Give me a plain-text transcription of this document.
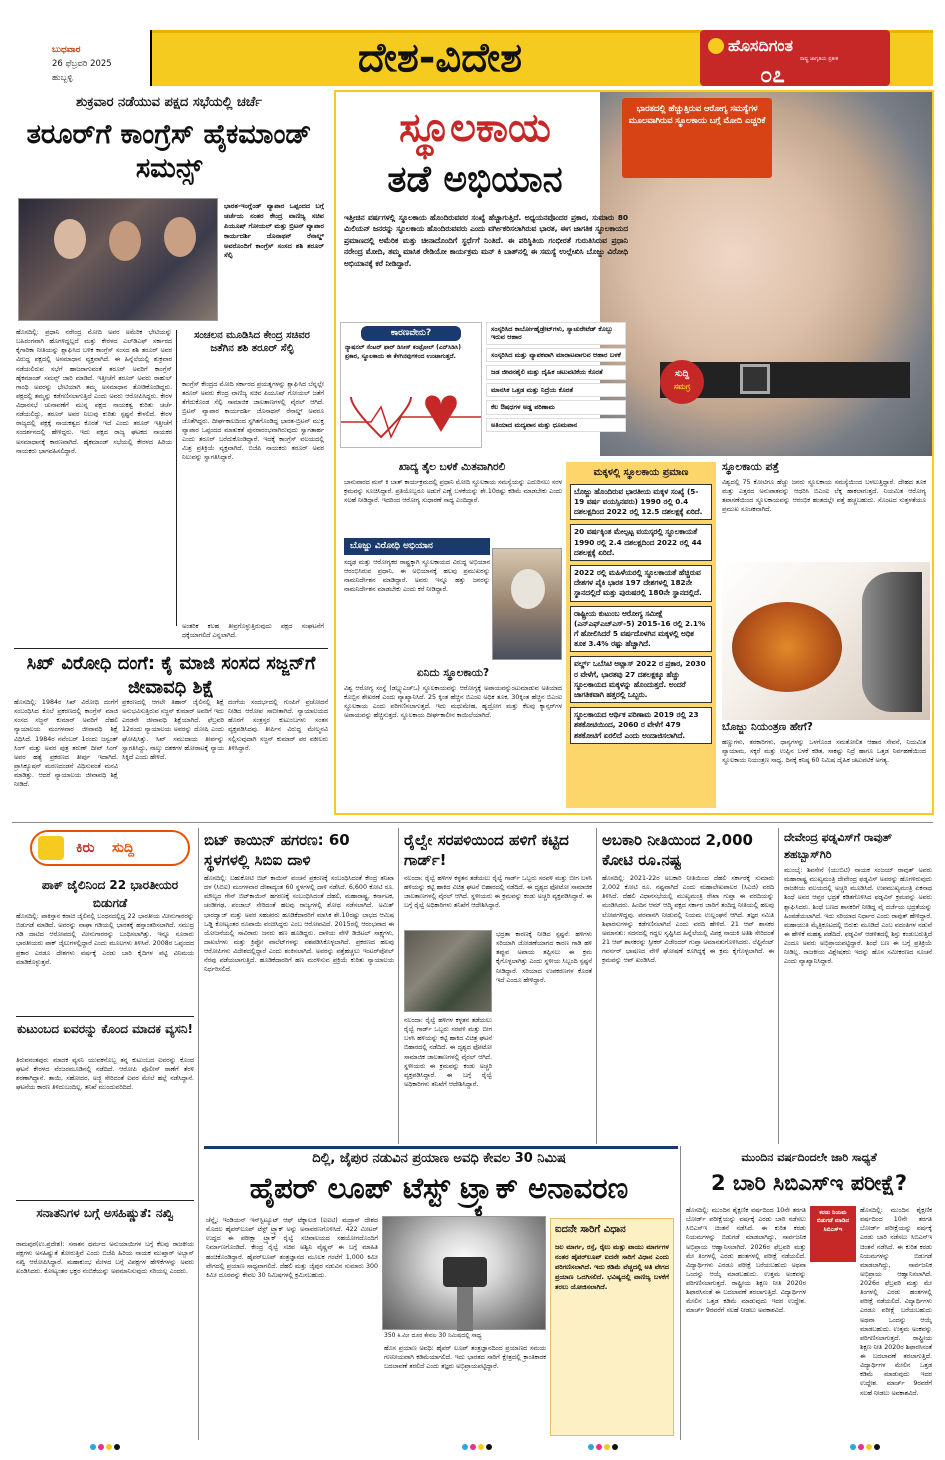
ಬುಧವಾರ
26 ಫೆಬ್ರವರಿ 2025
ಹುಬ್ಬಳ್ಳಿ	ದೇಶ-ವಿದೇಶ	ಹೊಸದಿಗಂತ
ರಾಷ್ಟ್ರ ಜಾಗೃತಿಯ ಪ್ರತೀಕ
೦೭
ಶುಕ್ರವಾರ ನಡೆಯುವ ಪಕ್ಷದ ಸಭೆಯಲ್ಲಿ ಚರ್ಚೆ
ತರೂರ್‌ಗೆ ಕಾಂಗ್ರೆಸ್ ಹೈಕಮಾಂಡ್ ಸಮನ್ಸ್
ಭಾರತ-ಇಂಗ್ಲೆಂಡ್ ವ್ಯಾಪಾರ ಒಪ್ಪಂದದ ಬಗ್ಗೆ ಚರ್ಚೆಯ ನಂತರ ಕೇಂದ್ರ ವಾಣಿಜ್ಯ ಸಚಿವ ಪಿಯೂಷ್ ಗೋಯಲ್ ಮತ್ತು ಬ್ರಿಟನ್ ವ್ಯಾಪಾರ ಕಾರ್ಯದರ್ಶಿ ಜೊನಾಥನ್ ರೆನಾಲ್ಡ್ ಅವರೊಂದಿಗೆ ಕಾಂಗ್ರೆಸ್ ಸಂಸದ ಶಶಿ ತರೂರ್ ಸೆಲ್ಫಿ
ಹೊಸದಿಲ್ಲಿ: ಪ್ರಧಾನಿ ನರೇಂದ್ರ ಮೋದಿ ಅವರ ಅಮೆರಿಕ ಭೇಟಿಯನ್ನು ಬಹಿರಂಗವಾಗಿ ಹೊಗಳಿದ್ದಲ್ಲದೆ ಮತ್ತು ಕೇರಳದ ಎಲ್‌ಡಿಎಫ್ ಸರ್ಕಾರದ ಕೈಗಾರಿಕಾ ನೀತಿಯನ್ನು ಶ್ಲಾಘಿಸಿದ ಬಳಿಕ ಕಾಂಗ್ರೆಸ್ ಸಂಸದ ಶಶಿ ತರೂರ್ ಅವರ ವಿರುದ್ಧ ಪಕ್ಷದಲ್ಲಿ ಅಸಮಾಧಾನ ವ್ಯಕ್ತವಾಗಿದೆ. ಈ ಹಿನ್ನೆಲೆಯಲ್ಲಿ ಶುಕ್ರವಾರ ನಡೆಯಲಿರುವ ಸಭೆಗೆ ಹಾಜರಾಗುವಂತೆ ತರೂರ್ ಅವರಿಗೆ ಕಾಂಗ್ರೆಸ್ ಹೈಕಮಾಂಡ್ ಸಮನ್ಸ್ ಜಾರಿ ಮಾಡಿದೆ. ಇತ್ತೀಚೆಗೆ ತರೂರ್ ಅವರು ರಾಹುಲ್ ಗಾಂಧಿ ಅವರನ್ನು ಭೇಟಿಯಾಗಿ ತಮ್ಮ ಅಸಮಾಧಾನ ತೋಡಿಕೊಂಡಿದ್ದರು. ಪಕ್ಷದಲ್ಲಿ ತಮ್ಮನ್ನು ಕಡೆಗಣಿಸಲಾಗುತ್ತಿದೆ ಎಂದು ಅವರು ಆರೋಪಿಸಿದ್ದರು. ಕೇರಳ ವಿಧಾನಸಭೆ ಚುನಾವಣೆಗೆ ಮುನ್ನ ಪಕ್ಷದ ನಾಯಕತ್ವ ಕುರಿತು ಚರ್ಚೆ ನಡೆಯಲಿದ್ದು, ತರೂರ್ ಅವರ ನಿಲುವು ಕುರಿತು ಸ್ಪಷ್ಟನೆ ಕೇಳಲಿದೆ. ಕೇರಳ ರಾಜ್ಯದಲ್ಲಿ ಪಕ್ಷಕ್ಕೆ ನಾಯಕತ್ವದ ಕೊರತೆ ಇದೆ ಎಂದು ತರೂರ್ ಇತ್ತೀಚೆಗೆ ಸಂದರ್ಶನದಲ್ಲಿ ಹೇಳಿದ್ದರು. ಇದು ಪಕ್ಷದ ರಾಜ್ಯ ಘಟಕದ ನಾಯಕರ ಅಸಮಾಧಾನಕ್ಕೆ ಕಾರಣವಾಗಿದೆ. ಹೈಕಮಾಂಡ್ ಸಭೆಯಲ್ಲಿ ಕೇರಳದ ಹಿರಿಯ ನಾಯಕರು ಭಾಗವಹಿಸಲಿದ್ದಾರೆ.
ಸಂಚಲನ ಮೂಡಿಸಿದ ಕೇಂದ್ರ ಸಚಿವರ ಜತೆಗಿನ ಶಶಿ ತರೂರ್ ಸೆಲ್ಫಿ
ಕಾಂಗ್ರೆಸ್ ಕೇಂದ್ರದ ಮೋದಿ ಸರ್ಕಾರದ ಪ್ರಯತ್ನಗಳನ್ನು ಶ್ಲಾಘಿಸಿದ ಬೆನ್ನಲ್ಲೇ ತರೂರ್ ಅವರು ಕೇಂದ್ರ ವಾಣಿಜ್ಯ ಸಚಿವ ಪಿಯೂಷ್ ಗೋಯಲ್ ಜತೆಗೆ ತೆಗೆದುಕೊಂಡ ಸೆಲ್ಫಿ ಸಾಮಾಜಿಕ ಜಾಲತಾಣಗಳಲ್ಲಿ ವೈರಲ್ ಆಗಿದೆ. ಬ್ರಿಟನ್ ವ್ಯಾಪಾರ ಕಾರ್ಯದರ್ಶಿ ಜೊನಾಥನ್ ರೆನಾಲ್ಡ್ ಅವರೂ ಜೊತೆಗಿದ್ದರು. ದೀರ್ಘಕಾಲದಿಂದ ಸ್ಥಗಿತಗೊಂಡಿದ್ದ ಭಾರತ-ಬ್ರಿಟನ್ ಮುಕ್ತ ವ್ಯಾಪಾರ ಒಪ್ಪಂದದ ಮಾತುಕತೆ ಪುನರಾರಂಭವಾಗಿರುವುದು ಸ್ವಾಗತಾರ್ಹ ಎಂದು ತರೂರ್ ಬರೆದುಕೊಂಡಿದ್ದಾರೆ. ಇದಕ್ಕೆ ಕಾಂಗ್ರೆಸ್ ವಲಯದಲ್ಲಿ ಮಿಶ್ರ ಪ್ರತಿಕ್ರಿಯೆ ವ್ಯಕ್ತವಾಗಿದೆ. ಬಿಜೆಪಿ ನಾಯಕರು ತರೂರ್ ಅವರ ನಿಲುವನ್ನು ಸ್ವಾಗತಿಸಿದ್ದಾರೆ.
ಅಂತರಿಕ ಕಲಹ ತೀವ್ರಗೊಳ್ಳುತ್ತಿರುವುದು ಪಕ್ಷದ ಸಂಘಟನೆಗೆ ಧಕ್ಕೆಯಾಗಲಿದೆ ಎನ್ನಲಾಗಿದೆ.
ಸಿಖ್ ವಿರೋಧಿ ದಂಗೆ: ಕೈ ಮಾಜಿ ಸಂಸದ ಸಜ್ಜನ್‌ಗೆ ಜೀವಾವಧಿ ಶಿಕ್ಷೆ
ಹೊಸದಿಲ್ಲಿ: 1984ರ ಸಿಖ್ ವಿರೋಧಿ ದಂಗೆಗೆ ಸಂಬಂಧಿಸಿದ ಕೊಲೆ ಪ್ರಕರಣದಲ್ಲಿ ಕಾಂಗ್ರೆಸ್ ಮಾಜಿ ಸಂಸದ ಸಜ್ಜನ್ ಕುಮಾರ್ ಅವರಿಗೆ ದೆಹಲಿ ನ್ಯಾಯಾಲಯ ಮಂಗಳವಾರ ಜೀವಾವಧಿ ಶಿಕ್ಷೆ ವಿಧಿಸಿದೆ. 1984ರ ನವೆಂಬರ್ 1ರಂದು ಜಸ್ವಂತ್ ಸಿಂಗ್ ಮತ್ತು ಅವರ ಪುತ್ರ ತರುಣ್ ದೀಪ್ ಸಿಂಗ್ ಅವರ ಹತ್ಯೆ ಪ್ರಕರಣದ ತೀರ್ಪು ಇದಾಗಿದೆ. ಪ್ರಾಸಿಕ್ಯೂಷನ್ ಮರಣದಂಡನೆ ವಿಧಿಸುವಂತೆ ಮನವಿ ಮಾಡಿತ್ತು. ಆದರೆ ನ್ಯಾಯಾಲಯ ಜೀವಾವಧಿ ಶಿಕ್ಷೆ ನೀಡಿದೆ.
ಪ್ರಕರಣದಲ್ಲಿ ಆಗಲೇ ತಿಹಾರ್ ಜೈಲಿನಲ್ಲಿ ಶಿಕ್ಷೆ ಅನುಭವಿಸುತ್ತಿರುವ ಸಜ್ಜನ್ ಕುಮಾರ್ ಅವರಿಗೆ ಇದು ಎರಡನೇ ಜೀವಾವಧಿ ಶಿಕ್ಷೆಯಾಗಿದೆ. ಫೆಬ್ರವರಿ 12ರಂದು ನ್ಯಾಯಾಲಯ ಅವರನ್ನು ದೋಷಿ ಎಂದು ಘೋಷಿಸಿತ್ತು. ಸಿಖ್ ಸಮುದಾಯ ತೀರ್ಪನ್ನು ಸ್ವಾಗತಿಸಿದ್ದು, ನಾಲ್ಕು ದಶಕಗಳ ಹೋರಾಟಕ್ಕೆ ನ್ಯಾಯ ಸಿಕ್ಕಿದೆ ಎಂದು ಹೇಳಿದೆ.
ದಂಗೆಯ ಸಂದರ್ಭದಲ್ಲಿ ಗುಂಪಿಗೆ ಪ್ರಚೋದನೆ ನೀಡಿದ ಆರೋಪ ಸಾಬೀತಾಗಿದೆ. ನ್ಯಾಯಾಲಯದ ಹೊರಗೆ ಸಂತ್ರಸ್ತರ ಕುಟುಂಬಗಳು ಸಂತಸ ವ್ಯಕ್ತಪಡಿಸಿದವು. ತೀರ್ಪಿನ ವಿರುದ್ಧ ಮೇಲ್ಮನವಿ ಸಲ್ಲಿಸುವುದಾಗಿ ಸಜ್ಜನ್ ಕುಮಾರ್ ಪರ ವಕೀಲರು ತಿಳಿಸಿದ್ದಾರೆ.
ಸ್ಥೂಲಕಾಯ
ತಡೆ ಅಭಿಯಾನ
ಭಾರತದಲ್ಲಿ ಹೆಚ್ಚುತ್ತಿರುವ ಆರೋಗ್ಯ ಸಮಸ್ಯೆಗಳ ಮೂಲವಾಗಿರುವ ಸ್ಥೂಲಕಾಯ ಬಗ್ಗೆ ಮೋದಿ ಎಚ್ಚರಿಕೆ
ಇತ್ತೀಚಿನ ವರ್ಷಗಳಲ್ಲಿ ಸ್ಥೂಲಕಾಯ ಹೊಂದಿರುವವರ ಸಂಖ್ಯೆ ಹೆಚ್ಚಾಗುತ್ತಿದೆ. ಅಧ್ಯಯನವೊಂದರ ಪ್ರಕಾರ, ಸುಮಾರು 80 ಮಿಲಿಯನ್ ಜನರನ್ನು ಸ್ಥೂಲಕಾಯ ಹೊಂದಿರುವವರು ಎಂದು ವರ್ಗೀಕರಿಸಲಾಗಿರುವ ಭಾರತ, ಈಗ ಜಾಗತಿಕ ಸ್ಥೂಲಕಾಯದ ಪ್ರಮಾಣದಲ್ಲಿ ಅಮೆರಿಕ ಮತ್ತು ಚೀನಾದೊಂದಿಗೆ ಸ್ಥರ್ಧೆಗೆ ನಿಂತಿದೆ. ಈ ಪರಿಸ್ಥಿತಿಯ ಗಂಭೀರತೆ ಗುರುತಿಸಿರುವ ಪ್ರಧಾನಿ ನರೇಂದ್ರ ಮೋದಿ, ತಮ್ಮ ಮಾಸಿಕ ರೇಡಿಯೋ ಕಾರ್ಯಕ್ರಮ ಮನ್ ಕಿ ಬಾತ್‌ನಲ್ಲಿ ಈ ಸಮಸ್ಯೆ ಉಲ್ಲೇಖಿಸಿ ಬೊಜ್ಜು ವಿರೋಧಿ ಅಭಿಯಾನಕ್ಕೆ ಕರೆ ನೀಡಿದ್ದಾರೆ.
ಕಾರಣವೇನು?
ನ್ಯಾಷನಲ್ ಸೆಂಟರ್ ಫಾರ್ ಡಿಸೀಸ್ ಕಂಟ್ರೋಲ್ (ಎನ್‌ಸಿಡಿಸಿ) ಪ್ರಕಾರ, ಸ್ಥೂಲಕಾಯ ಈ ಕೆಳಗಿನವುಗಳಿಂದ ಉಂಟಾಗುತ್ತದೆ.
ಸಂಸ್ಕರಿಸಿದ ಕಾರ್ಬೋಹೈಡ್ರೇಟ್‌ಗಳು, ಸ್ಯಾಚುರೇಟೆಡ್ ಕೊಬ್ಬು ಇರುವ ಆಹಾರ
ಸಂಸ್ಕರಿಸಿದ ಮತ್ತು ವ್ಯಾಪಕವಾಗಿ ಮಾರಾಟವಾಗುವ ಆಹಾರ ಬಳಕೆ
ಜಡ ಜೀವನಶೈಲಿ ಮತ್ತು ದೈಹಿಕ ಚಟುವಟಿಕೆಯ ಕೊರತೆ
ಮಾನಸಿಕ ಒತ್ತಡ ಮತ್ತು ನಿದ್ರೆಯ ಕೊರತೆ
ಕೆಲ ಔಷಧಗಳ ಅಡ್ಡ ಪರಿಣಾಮ
ಅತಿಯಾದ ಮದ್ಯಪಾನ ಮತ್ತು ಧೂಮಪಾನ
ಸುದ್ದಿ
ಸಮಗ್ರ
ಖಾದ್ಯ ತೈಲ ಬಳಕೆ ಮಿತವಾಗಿರಲಿ
ಬಾನುವಾರದ ಮನ್ ಕಿ ಬಾತ್ ಕಾರ್ಯಕ್ರಮದಲ್ಲಿ ಪ್ರಧಾನಿ ಮೋದಿ ಸ್ಥೂಲಕಾಯ ಸಮಸ್ಯೆಯನ್ನು ಎದುರಿಸಲು ಸರಳ ಕ್ರಮವನ್ನು ಸೂಚಿಸಿದ್ದಾರೆ. ಪ್ರತಿಯೊಬ್ಬರೂ ಅಡುಗೆ ಎಣ್ಣೆ ಬಳಕೆಯನ್ನು ಶೇ.10ರಷ್ಟು ಕಡಿಮೆ ಮಾಡಬೇಕು ಎಂದು ಸಲಹೆ ನೀಡಿದ್ದಾರೆ. ಇದರಿಂದ ಆರೋಗ್ಯ ಸುಧಾರಣೆ ಸಾಧ್ಯ ಎಂದಿದ್ದಾರೆ.
ಬೊಜ್ಜು ವಿರೋಧಿ ಅಭಿಯಾನ
ಸದೃಢ ಮತ್ತು ಆರೋಗ್ಯಕರ ರಾಷ್ಟ್ರಕ್ಕಾಗಿ ಸ್ಥೂಲಕಾಯದ ವಿರುದ್ಧ ಅಭಿಯಾನ ಆರಂಭಿಸಿರುವ ಪ್ರಧಾನಿ, ಈ ಅಭಿಯಾನಕ್ಕೆ ಹಲವು ಪ್ರಮುಖರನ್ನು ನಾಮನಿರ್ದೇಶನ ಮಾಡಿದ್ದಾರೆ. ಅವರು ಇನ್ನೂ ಹತ್ತು ಜನರನ್ನು ನಾಮನಿರ್ದೇಶನ ಮಾಡಬೇಕು ಎಂದು ಕರೆ ನೀಡಿದ್ದಾರೆ.
ಏನಿದು ಸ್ಥೂಲಕಾಯ?
ವಿಶ್ವ ಆರೋಗ್ಯ ಸಂಸ್ಥೆ (ಡಬ್ಲ್ಯುಎಚ್‌ಒ) ಸ್ಥೂಲಕಾಯವನ್ನು ಆರೋಗ್ಯಕ್ಕೆ ಅಪಾಯವನ್ನುಂಟುಮಾಡುವ ಅತಿಯಾದ ಕೊಬ್ಬಿನ ಶೇಖರಣೆ ಎಂದು ವ್ಯಾಖ್ಯಾನಿಸಿದೆ. 25 ಕ್ಕಿಂತ ಹೆಚ್ಚಿನ ಬಿಎಂಐ ಅಧಿಕ ತೂಕ, 30ಕ್ಕಿಂತ ಹೆಚ್ಚಿನ ಬಿಎಂಐ ಸ್ಥೂಲಕಾಯ ಎಂದು ಪರಿಗಣಿಸಲಾಗುತ್ತದೆ. ಇದು ಮಧುಮೇಹ, ಹೃದ್ರೋಗ ಮತ್ತು ಕೆಲವು ಕ್ಯಾನ್ಸರ್‌ಗಳ ಅಪಾಯವನ್ನು ಹೆಚ್ಚಿಸುತ್ತದೆ. ಸ್ಥೂಲಕಾಯ ದೀರ್ಘಕಾಲೀನ ಕಾಯಿಲೆಯಾಗಿದೆ.
ಮಕ್ಕಳಲ್ಲಿ ಸ್ಥೂಲಕಾಯ ಪ್ರಮಾಣ
ಬೊಜ್ಜು ಹೊಂದಿರುವ ಭಾರತೀಯ ಮಕ್ಕಳ ಸಂಖ್ಯೆ (5-19 ವರ್ಷ ವಯಸ್ಸಿನವರು) 1990 ರಲ್ಲಿ 0.4 ದಶಲಕ್ಷದಿಂದ 2022 ರಲ್ಲಿ 12.5 ದಶಲಕ್ಷಕ್ಕೆ ಏರಿದೆ.
20 ವರ್ಷಕ್ಕಿಂತ ಮೇಲ್ಪಟ್ಟ ವಯಸ್ಕರಲ್ಲಿ ಸ್ಥೂಲಕಾಯತೆ 1990 ರಲ್ಲಿ 2.4 ದಶಲಕ್ಷದಿಂದ 2022 ರಲ್ಲಿ 44 ದಶಲಕ್ಷಕ್ಕೆ ಏರಿದೆ.
2022 ರಲ್ಲಿ ಮಹಿಳೆಯರಲ್ಲಿ ಸ್ಥೂಲಕಾಯತೆ ಹೆಚ್ಚಿರುವ ದೇಶಗಳ ಪೈಕಿ ಭಾರತ 197 ದೇಶಗಳಲ್ಲಿ 182ನೇ ಸ್ಥಾನದಲ್ಲಿದೆ ಮತ್ತು ಪುರುಷರಲ್ಲಿ 180ನೇ ಸ್ಥಾನದಲ್ಲಿದೆ.
ರಾಷ್ಟ್ರೀಯ ಕುಟುಂಬ ಆರೋಗ್ಯ ಸಮೀಕ್ಷೆ (ಎನ್‌ಎಫ್‌ಎಚ್‌ಎಸ್-5) 2015-16 ರಲ್ಲಿ 2.1% ಗೆ ಹೋಲಿಸಿದರೆ 5 ವರ್ಷದೊಳಗಿನ ಮಕ್ಕಳಲ್ಲಿ ಅಧಿಕ ತೂಕ 3.4% ರಷ್ಟು ಹೆಚ್ಚಾಗಿದೆ.
ವರ್ಲ್ಡ್ ಒಬೆಸಿಟಿ ಅಟ್ಲಾಸ್ 2022 ರ ಪ್ರಕಾರ, 2030 ರ ವೇಳೆಗೆ, ಭಾರತವು 27 ದಶಲಕ್ಷಕ್ಕೂ ಹೆಚ್ಚು ಸ್ಥೂಲಕಾಯದ ಮಕ್ಕಳನ್ನು ಹೊಂದುತ್ತದೆ. ಅಂದರೆ ಜಾಗತಿಕವಾಗಿ ಹತ್ತರಲ್ಲಿ ಒಬ್ಬರು.
ಸ್ಥೂಲಕಾಯದ ಆರ್ಥಿಕ ಪರಿಣಾಮ 2019 ರಲ್ಲಿ 23 ಶತಕೋಟಿಯಿಂದ, 2060 ರ ವೇಳೆಗೆ 479 ಶತಕೋಟಿಗೆ ಏರಲಿದೆ ಎಂದು ಅಂದಾಜಿಸಲಾಗಿದೆ.
ಸ್ಥೂಲಕಾಯ ಪತ್ತೆ
ವಿಶ್ವದಲ್ಲಿ 75 ಕೋಟಿಗೂ ಹೆಚ್ಚು ಜನರು ಸ್ಥೂಲಕಾಯ ಸಮಸ್ಯೆಯಿಂದ ಬಳಲುತ್ತಿದ್ದಾರೆ. ದೇಹದ ತೂಕ ಮತ್ತು ಎತ್ತರದ ಅನುಪಾತವನ್ನು ಆಧರಿಸಿ ಬಿಎಂಐ ಲೆಕ್ಕ ಹಾಕಲಾಗುತ್ತದೆ. ನಿಯಮಿತ ಆರೋಗ್ಯ ತಪಾಸಣೆಯಿಂದ ಸ್ಥೂಲಕಾಯವನ್ನು ಆರಂಭಿಕ ಹಂತದಲ್ಲೇ ಪತ್ತೆ ಹಚ್ಚಬಹುದು. ಸೊಂಟದ ಸುತ್ತಳತೆಯೂ ಪ್ರಮುಖ ಸೂಚಕವಾಗಿದೆ.
ಬೊಜ್ಜು ನಿಯಂತ್ರಣ ಹೇಗೆ?
ಹಣ್ಣುಗಳು, ತರಕಾರಿಗಳು, ಧಾನ್ಯಗಳನ್ನು ಒಳಗೊಂಡ ಸಮತೋಲಿತ ಆಹಾರ ಸೇವನೆ, ನಿಯಮಿತ ವ್ಯಾಯಾಮ, ಸಕ್ಕರೆ ಮತ್ತು ಉಪ್ಪಿನ ಬಳಕೆ ಕಡಿತ, ಸಾಕಷ್ಟು ನಿದ್ರೆ ಹಾಗೂ ಒತ್ತಡ ನಿರ್ವಹಣೆಯಿಂದ ಸ್ಥೂಲಕಾಯ ನಿಯಂತ್ರಣ ಸಾಧ್ಯ. ದಿನಕ್ಕೆ ಕನಿಷ್ಠ 60 ನಿಮಿಷ ದೈಹಿಕ ಚಟುವಟಿಕೆ ಅಗತ್ಯ.
ಕಿರು ಸುದ್ದಿ
ಪಾಕ್ ಜೈಲಿನಿಂದ 22 ಭಾರತೀಯರ ಬಿಡುಗಡೆ
ಹೊಸದಿಲ್ಲಿ: ಪಾಕಿಸ್ತಾನ ಕರಾಚಿ ಜೈಲಿನಲ್ಲಿ ಬಂಧನದಲ್ಲಿದ್ದ 22 ಭಾರತೀಯ ಮೀನುಗಾರರನ್ನು ಬಿಡುಗಡೆ ಮಾಡಿದೆ. ಅವರನ್ನು ವಾಘಾ ಗಡಿಯಲ್ಲಿ ಭಾರತಕ್ಕೆ ಹಸ್ತಾಂತರಿಸಲಾಗಿದೆ. ಸಮುದ್ರ ಗಡಿ ದಾಟಿದ ಆರೋಪದಲ್ಲಿ ಮೀನುಗಾರರನ್ನು ಬಂಧಿಸಲಾಗಿತ್ತು. ಇನ್ನೂ ನೂರಾರು ಭಾರತೀಯರು ಪಾಕ್ ಜೈಲುಗಳಲ್ಲಿದ್ದಾರೆ ಎಂದು ಮೂಲಗಳು ತಿಳಿಸಿವೆ. 2008ರ ಒಪ್ಪಂದದ ಪ್ರಕಾರ ಎರಡೂ ದೇಶಗಳು ವರ್ಷಕ್ಕೆ ಎರಡು ಬಾರಿ ಕೈದಿಗಳ ಪಟ್ಟಿ ವಿನಿಮಯ ಮಾಡಿಕೊಳ್ಳುತ್ತವೆ.
ಕುಟುಂಬದ ಐವರನ್ನು ಕೊಂದ ಮಾದಕ ವ್ಯಸನಿ!
ತಿರುವನಂತಪುರ: ಮಾದಕ ವ್ಯಸನಿ ಯುವಕನೊಬ್ಬ ತನ್ನ ಕುಟುಂಬದ ಐವರನ್ನು ಕೊಂದ ಘಟನೆ ಕೇರಳದ ವೆಂಜರಮೂಡಿನಲ್ಲಿ ನಡೆದಿದೆ. ಆರೋಪಿ ಪೊಲೀಸ್ ಠಾಣೆಗೆ ತೆರಳಿ ಶರಣಾಗಿದ್ದಾನೆ. ತಾಯಿ, ಸಹೋದರ, ಅಜ್ಜಿ ಸೇರಿದಂತೆ ಐವರ ಮೇಲೆ ಹಲ್ಲೆ ನಡೆಸಿದ್ದಾನೆ. ಘಟನೆಯ ಕಾರಣ ತಿಳಿದುಬಂದಿಲ್ಲ. ತನಿಖೆ ಮುಂದುವರಿದಿದೆ.
ಸನಾತನಿಗಳ ಬಗ್ಗೆ ಅಸಹಿಷ್ಣುತೆ: ನಖ್ವಿ
ರಾಮಪುರ(ಉ.ಪ್ರದೇಶ): ಸನಾತನ ಧರ್ಮದ ಅನುಯಾಯಿಗಳ ಬಗ್ಗೆ ಕೆಲವು ರಾಜಕೀಯ ಪಕ್ಷಗಳು ಅಸಹಿಷ್ಣುತೆ ತೋರುತ್ತಿವೆ ಎಂದು ಬಿಜೆಪಿ ಹಿರಿಯ ನಾಯಕ ಮುಖ್ತಾರ್ ಅಬ್ಬಾಸ್ ನಖ್ವಿ ಆರೋಪಿಸಿದ್ದಾರೆ. ಮಹಾಕುಂಭ ಮೇಳದ ಬಗ್ಗೆ ವಿಪಕ್ಷಗಳ ಹೇಳಿಕೆಗಳನ್ನು ಅವರು ಖಂಡಿಸಿದರು. ಕೋಟ್ಯಂತರ ಭಕ್ತರ ನಂಬಿಕೆಯನ್ನು ಅವಮಾನಿಸುವುದು ಸರಿಯಲ್ಲ ಎಂದರು.
ಬಿಟ್ ಕಾಯಿನ್ ಹಗರಣ: 60 ಸ್ಥಳಗಳಲ್ಲಿ ಸಿಬಿಐ ದಾಳಿ
ಹೊಸದಿಲ್ಲಿ: ಬಹುಕೋಟಿ ಬಿಟ್ ಕಾಯಿನ್ ವಂಚನೆ ಪ್ರಕರಣಕ್ಕೆ ಸಂಬಂಧಿಸಿದಂತೆ ಕೇಂದ್ರ ತನಿಖಾ ದಳ (ಸಿಬಿಐ) ಮಂಗಳವಾರ ದೇಶಾದ್ಯಂತ 60 ಸ್ಥಳಗಳಲ್ಲಿ ದಾಳಿ ನಡೆಸಿದೆ. 6,600 ಕೋಟಿ ರೂ. ಮೌಲ್ಯದ ಗೇನ್ ಬಿಟ್‌ಕಾಯಿನ್ ಹಗರಣಕ್ಕೆ ಸಂಬಂಧಿಸಿದಂತೆ ದೆಹಲಿ, ಮಹಾರಾಷ್ಟ್ರ, ಕರ್ನಾಟಕ, ಚಂಡೀಗಢ, ಪಂಜಾಬ್ ಸೇರಿದಂತೆ ಹಲವು ರಾಜ್ಯಗಳಲ್ಲಿ ಶೋಧ ನಡೆಸಲಾಗಿದೆ. ಅಮಿತ್ ಭಾರದ್ವಾಜ್ ಮತ್ತು ಅವರ ಸಹಚರರು ಹೂಡಿಕೆದಾರರಿಗೆ ಮಾಸಿಕ ಶೇ.10ರಷ್ಟು ಲಾಭದ ಆಮಿಷ ಒಡ್ಡಿ ಕೋಟ್ಯಂತರ ರೂಪಾಯಿ ವಂಚಿಸಿದ್ದರು ಎಂಬ ಆರೋಪವಿದೆ. 2015ರಲ್ಲಿ ಆರಂಭವಾದ ಈ ಯೋಜನೆಯಲ್ಲಿ ಸಾವಿರಾರು ಜನರು ಹಣ ಹೂಡಿದ್ದರು. ದಾಳಿಯ ವೇಳೆ ಡಿಜಿಟಲ್ ಸಾಕ್ಷ್ಯಗಳು, ದಾಖಲೆಗಳು ಮತ್ತು ಕ್ರಿಪ್ಟೋ ವಾಲೆಟ್‌ಗಳನ್ನು ವಶಪಡಿಸಿಕೊಳ್ಳಲಾಗಿದೆ. ಪ್ರಕರಣದ ಹಲವು ಆರೋಪಿಗಳು ವಿದೇಶದಲ್ಲಿದ್ದಾರೆ ಎಂದು ಶಂಕಿಸಲಾಗಿದೆ. ಅವರನ್ನು ಪತ್ತೆಹಚ್ಚಲು ಇಂಟರ್‌ಪೋಲ್ ನೆರವು ಪಡೆಯಲಾಗುತ್ತಿದೆ. ಹೂಡಿಕೆದಾರರಿಗೆ ಹಣ ಮರಳಿಸುವ ಪ್ರಕ್ರಿಯೆ ಕುರಿತು ನ್ಯಾಯಾಲಯ ನಿರ್ಧರಿಸಲಿದೆ.
ರೈಲ್ವೇ ಸರಪಳಿಯಿಂದ ಹಳಿಗೆ ಕಟ್ಟಿದ ಗಾರ್ಡ್!
ನಲಂದಾ: ರೈಲ್ವೆ ಹಳಿಗಳ ಕಳ್ಳತನ ತಡೆಯಲು ರೈಲ್ವೆ ಗಾರ್ಡ್ ಒಬ್ಬರು ಸರಪಳಿ ಮತ್ತು ಬೀಗ ಬಳಸಿ ಹಳಿಯನ್ನು ಕಟ್ಟಿ ಹಾಕಿದ ವಿಚಿತ್ರ ಘಟನೆ ಬಿಹಾರದಲ್ಲಿ ನಡೆದಿದೆ. ಈ ದೃಶ್ಯದ ಫೋಟೋ ಸಾಮಾಜಿಕ ಜಾಲತಾಣಗಳಲ್ಲಿ ವೈರಲ್ ಆಗಿದೆ. ಸ್ಥಳೀಯರು ಈ ಕ್ರಮವನ್ನು ಕಂಡು ಅಚ್ಚರಿ ವ್ಯಕ್ತಪಡಿಸಿದ್ದಾರೆ. ಈ ಬಗ್ಗೆ ರೈಲ್ವೆ ಅಧಿಕಾರಿಗಳು ತನಿಖೆಗೆ ಆದೇಶಿಸಿದ್ದಾರೆ.
ಭದ್ರತಾ ಕಾರಣಕ್ಕೆ ನೀಡಿದ ಸ್ಪಷ್ಟನೆ: ಹಳಿಗಳು ಸರಿಯಾಗಿ ಜೋಡಣೆಯಾಗದ ಕಾರಣ ಗಾಡಿ ಹಳಿ ತಪ್ಪುವ ಅಪಾಯ ತಪ್ಪಿಸಲು ಈ ಕ್ರಮ ಕೈಗೊಳ್ಳಲಾಗಿತ್ತು ಎಂದು ಸ್ಥಳೀಯ ಸಿಬ್ಬಂದಿ ಸ್ಪಷ್ಟನೆ ನೀಡಿದ್ದಾರೆ. ಸರಿಯಾದ ಉಪಕರಣಗಳ ಕೊರತೆ ಇದೆ ಎಂದೂ ಹೇಳಿದ್ದಾರೆ.
ನಲಂದಾ: ರೈಲ್ವೆ ಹಳಿಗಳ ಕಳ್ಳತನ ತಡೆಯಲು ರೈಲ್ವೆ ಗಾರ್ಡ್ ಒಬ್ಬರು ಸರಪಳಿ ಮತ್ತು ಬೀಗ ಬಳಸಿ ಹಳಿಯನ್ನು ಕಟ್ಟಿ ಹಾಕಿದ ವಿಚಿತ್ರ ಘಟನೆ ಬಿಹಾರದಲ್ಲಿ ನಡೆದಿದೆ. ಈ ದೃಶ್ಯದ ಫೋಟೋ ಸಾಮಾಜಿಕ ಜಾಲತಾಣಗಳಲ್ಲಿ ವೈರಲ್ ಆಗಿದೆ. ಸ್ಥಳೀಯರು ಈ ಕ್ರಮವನ್ನು ಕಂಡು ಅಚ್ಚರಿ ವ್ಯಕ್ತಪಡಿಸಿದ್ದಾರೆ. ಈ ಬಗ್ಗೆ ರೈಲ್ವೆ ಅಧಿಕಾರಿಗಳು ತನಿಖೆಗೆ ಆದೇಶಿಸಿದ್ದಾರೆ.
ಅಬಕಾರಿ ನೀತಿಯಿಂದ 2,000 ಕೋಟಿ ರೂ.ನಷ್ಟ
ಹೊಸದಿಲ್ಲಿ: 2021-22ರ ಅಬಕಾರಿ ನೀತಿಯಿಂದ ದೆಹಲಿ ಸರ್ಕಾರಕ್ಕೆ ಸುಮಾರು 2,002 ಕೋಟಿ ರೂ. ನಷ್ಟವಾಗಿದೆ ಎಂದು ಮಹಾಲೇಖಪಾಲರ (ಸಿಎಜಿ) ವರದಿ ತಿಳಿಸಿದೆ. ದೆಹಲಿ ವಿಧಾನಸಭೆಯಲ್ಲಿ ಮುಖ್ಯಮಂತ್ರಿ ರೇಖಾ ಗುಪ್ತಾ ಈ ವರದಿಯನ್ನು ಮಂಡಿಸಿದರು. ಹಿಂದಿನ ಆಮ್ ಆದ್ಮಿ ಪಕ್ಷದ ಸರ್ಕಾರ ಜಾರಿಗೆ ತಂದಿದ್ದ ನೀತಿಯಲ್ಲಿ ಹಲವು ಲೋಪಗಳಿದ್ದವು. ಪರವಾನಗಿ ನೀಡುವಲ್ಲಿ ನಿಯಮ ಉಲ್ಲಂಘನೆ ಆಗಿದೆ. ತಜ್ಞರ ಸಮಿತಿ ಶಿಫಾರಸುಗಳನ್ನು ಕಡೆಗಣಿಸಲಾಗಿದೆ ಎಂದು ವರದಿ ಹೇಳಿದೆ. 21 ಆಪ್ ಶಾಸಕರ ಅಮಾನತು: ಸದನದಲ್ಲಿ ಗದ್ದಲ ಸೃಷ್ಟಿಸಿದ ಹಿನ್ನೆಲೆಯಲ್ಲಿ ವಿಪಕ್ಷ ನಾಯಕಿ ಅತಿಶಿ ಸೇರಿದಂತೆ 21 ಆಪ್ ಶಾಸಕರನ್ನು ಸ್ಪೀಕರ್ ವಿಜೇಂದರ್ ಗುಪ್ತಾ ಅಮಾನತುಗೊಳಿಸಿದರು. ಲೆಫ್ಟಿನೆಂಟ್ ಗವರ್ನರ್ ಭಾಷಣದ ವೇಳೆ ಘೋಷಣೆ ಕೂಗಿದ್ದಕ್ಕೆ ಈ ಕ್ರಮ ಕೈಗೊಳ್ಳಲಾಗಿದೆ. ಈ ಕ್ರಮವನ್ನು ಆಪ್ ಖಂಡಿಸಿದೆ.
ದೇವೇಂದ್ರ ಫಡ್ನವಿಸ್‌ಗೆ ರಾವುತ್ ಶಹಬ್ಬಾಸ್‌ಗಿರಿ
ಮುಂಬೈ: ಶಿವಸೇನೆ (ಯುಬಿಟಿ) ನಾಯಕ ಸಂಜಯ್ ರಾವುತ್ ಅವರು ಮಹಾರಾಷ್ಟ್ರ ಮುಖ್ಯಮಂತ್ರಿ ದೇವೇಂದ್ರ ಫಡ್ನವಿಸ್ ಅವರನ್ನು ಹೊಗಳಿರುವುದು ರಾಜಕೀಯ ವಲಯದಲ್ಲಿ ಅಚ್ಚರಿ ಮೂಡಿಸಿದೆ. ಉಪಮುಖ್ಯಮಂತ್ರಿ ಏಕನಾಥ ಶಿಂಧೆ ಅವರ ಆಪ್ತರ ಭದ್ರತೆ ಕಡಿತಗೊಳಿಸಿದ ಫಡ್ನವಿಸ್ ಕ್ರಮವನ್ನು ಅವರು ಶ್ಲಾಘಿಸಿದರು. ಶಿಂಧೆ ಬಣದ ಶಾಸಕರಿಗೆ ನೀಡಿದ್ದ ವೈ ದರ್ಜೆಯ ಭದ್ರತೆಯನ್ನು ಹಿಂಪಡೆಯಲಾಗಿದೆ. ಇದು ಸರಿಯಾದ ನಿರ್ಧಾರ ಎಂದು ರಾವುತ್ ಹೇಳಿದ್ದಾರೆ. ಮಹಾಯುತಿ ಮೈತ್ರಿಕೂಟದಲ್ಲಿ ಬಿರುಕು ಮೂಡಿದೆ ಎಂಬ ವದಂತಿಗಳ ನಡುವೆ ಈ ಹೇಳಿಕೆ ಮಹತ್ವ ಪಡೆದಿದೆ. ಫಡ್ನವಿಸ್ ಆಡಳಿತದಲ್ಲಿ ಶಿಸ್ತು ಕಂಡುಬರುತ್ತಿದೆ ಎಂದೂ ಅವರು ಅಭಿಪ್ರಾಯಪಟ್ಟಿದ್ದಾರೆ. ಶಿಂಧೆ ಬಣ ಈ ಬಗ್ಗೆ ಪ್ರತಿಕ್ರಿಯೆ ನೀಡಿಲ್ಲ. ರಾಜಕೀಯ ವಿಶ್ಲೇಷಕರು ಇದನ್ನು ಹೊಸ ಸಮೀಕರಣದ ಸೂಚನೆ ಎಂದು ವ್ಯಾಖ್ಯಾನಿಸಿದ್ದಾರೆ.
ದಿಲ್ಲಿ, ಜೈಪುರ ನಡುವಿನ ಪ್ರಯಾಣ ಅವಧಿ ಕೇವಲ 30 ನಿಮಿಷ
ಹೈಪರ್ ಲೂಪ್ ಟೆಸ್ಟ್ ಟ್ರ್ಯಾಕ್ ಅನಾವರಣ
ಚೆನ್ನೈ: ಇಂಡಿಯನ್ ಇನ್‌ಸ್ಟಿಟ್ಯೂಟ್ ಆಫ್ ಟೆಕ್ನಾಲಜಿ (ಐಐಟಿ) ಮದ್ರಾಸ್ ದೇಶದ ಮೊದಲ ಹೈಪರ್‌ಲೂಪ್ ಟೆಸ್ಟ್ ಟ್ರ್ಯಾಕ್ ಅನ್ನು ಅನಾವರಣಗೊಳಿಸಿದೆ. 422 ಮೀಟರ್ ಉದ್ದದ ಈ ಪರೀಕ್ಷಾ ಟ್ರ್ಯಾಕ್ ರೈಲ್ವೆ ಸಚಿವಾಲಯದ ಸಹಯೋಗದೊಂದಿಗೆ ನಿರ್ಮಾಣಗೊಂಡಿದೆ. ಕೇಂದ್ರ ರೈಲ್ವೆ ಸಚಿವ ಅಶ್ವಿನಿ ವೈಷ್ಣವ್ ಈ ಬಗ್ಗೆ ಮಾಹಿತಿ ಹಂಚಿಕೊಂಡಿದ್ದಾರೆ. ಹೈಪರ್‌ಲೂಪ್ ತಂತ್ರಜ್ಞಾನದ ಮೂಲಕ ಗಂಟೆಗೆ 1,000 ಕಿಮೀ ವೇಗದಲ್ಲಿ ಪ್ರಯಾಣ ಸಾಧ್ಯವಾಗಲಿದೆ. ದೆಹಲಿ ಮತ್ತು ಜೈಪುರ ನಡುವಿನ ಸುಮಾರು 300 ಕಿಮೀ ದೂರವನ್ನು ಕೇವಲ 30 ನಿಮಿಷಗಳಲ್ಲಿ ಕ್ರಮಿಸಬಹುದು.
350 ಕಿ.ಮೀ ದೂರ ಕೇವಲ 30 ನಿಮಿಷದಲ್ಲಿ ಸಾಧ್ಯ
ಹೊಸ ಪ್ರಯಾಣ ಅವಧಿ: ಹೈಪರ್ ಲೂಪ್ ತಂತ್ರಜ್ಞಾನದಿಂದ ಪ್ರಯಾಣದ ಸಮಯ ಗಣನೀಯವಾಗಿ ಕಡಿಮೆಯಾಗಲಿದೆ. ಇದು ಭಾರತದ ಸಾರಿಗೆ ಕ್ಷೇತ್ರದಲ್ಲಿ ಕ್ರಾಂತಿಕಾರಕ ಬದಲಾವಣೆ ತರಲಿದೆ ಎಂದು ತಜ್ಞರು ಅಭಿಪ್ರಾಯಪಟ್ಟಿದ್ದಾರೆ.
ಐದನೇ ಸಾರಿಗೆ ವಿಧಾನ
ಜಲ ಮಾರ್ಗ, ರಸ್ತೆ, ರೈಲು ಮತ್ತು ವಾಯು ಮಾರ್ಗಗಳ ನಂತರ ಹೈಪರ್‌ಲೂಪ್ ಐದನೇ ಸಾರಿಗೆ ವಿಧಾನ ಎಂದು ಪರಿಗಣಿಸಲಾಗಿದೆ. ಇದು ಕಡಿಮೆ ವೆಚ್ಚದಲ್ಲಿ ಅತಿ ವೇಗದ ಪ್ರಯಾಣ ಒದಗಿಸಲಿದೆ. ಭವಿಷ್ಯದಲ್ಲಿ ವಾಣಿಜ್ಯ ಬಳಕೆಗೆ ತರಲು ಯೋಜಿಸಲಾಗಿದೆ.
ಮುಂದಿನ ವರ್ಷದಿಂದಲೇ ಜಾರಿ ಸಾಧ್ಯತೆ
2 ಬಾರಿ ಸಿಬಿಎಸ್‌ಇ ಪರೀಕ್ಷೆ?
ಹೊಸದಿಲ್ಲಿ: ಮುಂದಿನ ಶೈಕ್ಷಣಿಕ ವರ್ಷದಿಂದ 10ನೇ ತರಗತಿ ಬೋರ್ಡ್ ಪರೀಕ್ಷೆಯನ್ನು ವರ್ಷಕ್ಕೆ ಎರಡು ಬಾರಿ ನಡೆಸಲು ಸಿಬಿಎಸ್‌ಇ ಚಿಂತನೆ ನಡೆಸಿದೆ. ಈ ಕುರಿತ ಕರಡು ನಿಯಮಗಳನ್ನು ಬಿಡುಗಡೆ ಮಾಡಲಾಗಿದ್ದು, ಸಾರ್ವಜನಿಕ ಅಭಿಪ್ರಾಯ ಆಹ್ವಾನಿಸಲಾಗಿದೆ. 2026ರ ಫೆಬ್ರವರಿ ಮತ್ತು ಮೇ ತಿಂಗಳಲ್ಲಿ ಎರಡು ಹಂತಗಳಲ್ಲಿ ಪರೀಕ್ಷೆ ನಡೆಯಲಿದೆ. ವಿದ್ಯಾರ್ಥಿಗಳು ಎರಡೂ ಪರೀಕ್ಷೆ ಬರೆಯಬಹುದು ಅಥವಾ ಒಂದನ್ನು ಆಯ್ಕೆ ಮಾಡಬಹುದು. ಉತ್ತಮ ಅಂಕವನ್ನು ಪರಿಗಣಿಸಲಾಗುತ್ತದೆ. ರಾಷ್ಟ್ರೀಯ ಶಿಕ್ಷಣ ನೀತಿ 2020ರ ಶಿಫಾರಸಿನಂತೆ ಈ ಬದಲಾವಣೆ ತರಲಾಗುತ್ತಿದೆ. ವಿದ್ಯಾರ್ಥಿಗಳ ಮೇಲಿನ ಒತ್ತಡ ಕಡಿಮೆ ಮಾಡುವುದು ಇದರ ಉದ್ದೇಶ. ಮಾರ್ಚ್ 9ರವರೆಗೆ ಸಲಹೆ ನೀಡಲು ಅವಕಾಶವಿದೆ.
ಕರಡು ನಿಯಮ ಬಿಡುಗಡೆ ಮಾಡಿದ ಸಿಬಿಎಸ್‌ಇ
ಹೊಸದಿಲ್ಲಿ: ಮುಂದಿನ ಶೈಕ್ಷಣಿಕ ವರ್ಷದಿಂದ 10ನೇ ತರಗತಿ ಬೋರ್ಡ್ ಪರೀಕ್ಷೆಯನ್ನು ವರ್ಷಕ್ಕೆ ಎರಡು ಬಾರಿ ನಡೆಸಲು ಸಿಬಿಎಸ್‌ಇ ಚಿಂತನೆ ನಡೆಸಿದೆ. ಈ ಕುರಿತ ಕರಡು ನಿಯಮಗಳನ್ನು ಬಿಡುಗಡೆ ಮಾಡಲಾಗಿದ್ದು, ಸಾರ್ವಜನಿಕ ಅಭಿಪ್ರಾಯ ಆಹ್ವಾನಿಸಲಾಗಿದೆ. 2026ರ ಫೆಬ್ರವರಿ ಮತ್ತು ಮೇ ತಿಂಗಳಲ್ಲಿ ಎರಡು ಹಂತಗಳಲ್ಲಿ ಪರೀಕ್ಷೆ ನಡೆಯಲಿದೆ. ವಿದ್ಯಾರ್ಥಿಗಳು ಎರಡೂ ಪರೀಕ್ಷೆ ಬರೆಯಬಹುದು ಅಥವಾ ಒಂದನ್ನು ಆಯ್ಕೆ ಮಾಡಬಹುದು. ಉತ್ತಮ ಅಂಕವನ್ನು ಪರಿಗಣಿಸಲಾಗುತ್ತದೆ. ರಾಷ್ಟ್ರೀಯ ಶಿಕ್ಷಣ ನೀತಿ 2020ರ ಶಿಫಾರಸಿನಂತೆ ಈ ಬದಲಾವಣೆ ತರಲಾಗುತ್ತಿದೆ. ವಿದ್ಯಾರ್ಥಿಗಳ ಮೇಲಿನ ಒತ್ತಡ ಕಡಿಮೆ ಮಾಡುವುದು ಇದರ ಉದ್ದೇಶ. ಮಾರ್ಚ್ 9ರವರೆಗೆ ಸಲಹೆ ನೀಡಲು ಅವಕಾಶವಿದೆ.
